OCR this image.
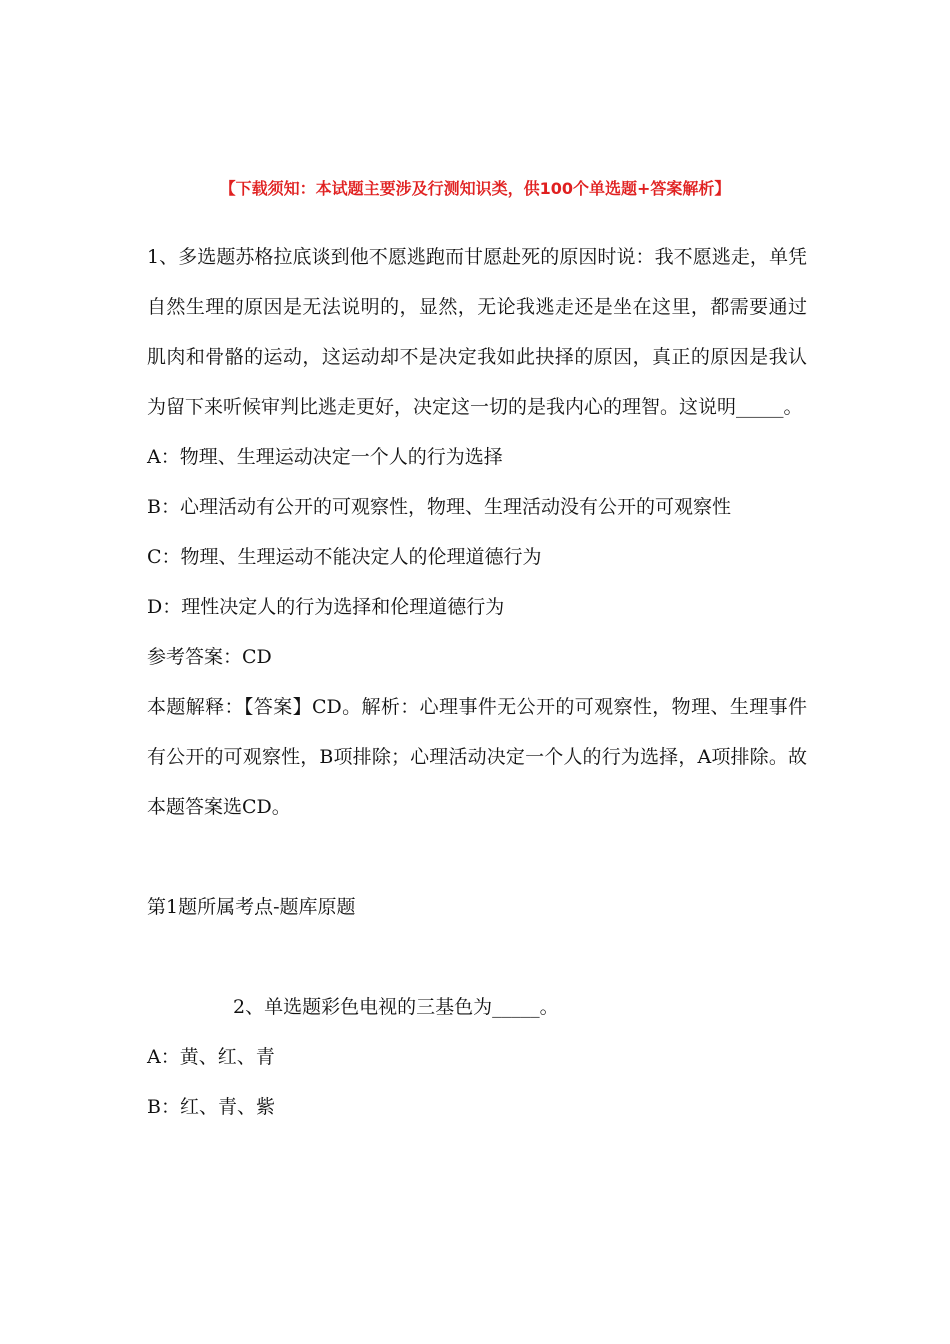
【下载须知：本试题主要涉及行测知识类，供100个单选题+答案解析】

1、多选题苏格拉底谈到他不愿逃跑而甘愿赴死的原因时说：我不愿逃走，单凭自然生理的原因是无法说明的，显然，无论我逃走还是坐在这里，都需要通过肌肉和骨骼的运动，这运动却不是决定我如此抉择的原因，真正的原因是我认为留下来听候审判比逃走更好，决定这一切的是我内心的理智。这说明_____。

A：物理、生理运动决定一个人的行为选择

B：心理活动有公开的可观察性，物理、生理活动没有公开的可观察性

C：物理、生理运动不能决定人的伦理道德行为

D：理性决定人的行为选择和伦理道德行为

参考答案：CD

本题解释：【答案】CD。解析：心理事件无公开的可观察性，物理、生理事件有公开的可观察性，B项排除；心理活动决定一个人的行为选择，A项排除。故本题答案选CD。

第1题所属考点-题库原题

2、单选题彩色电视的三基色为_____。

A：黄、红、青

B：红、青、紫
